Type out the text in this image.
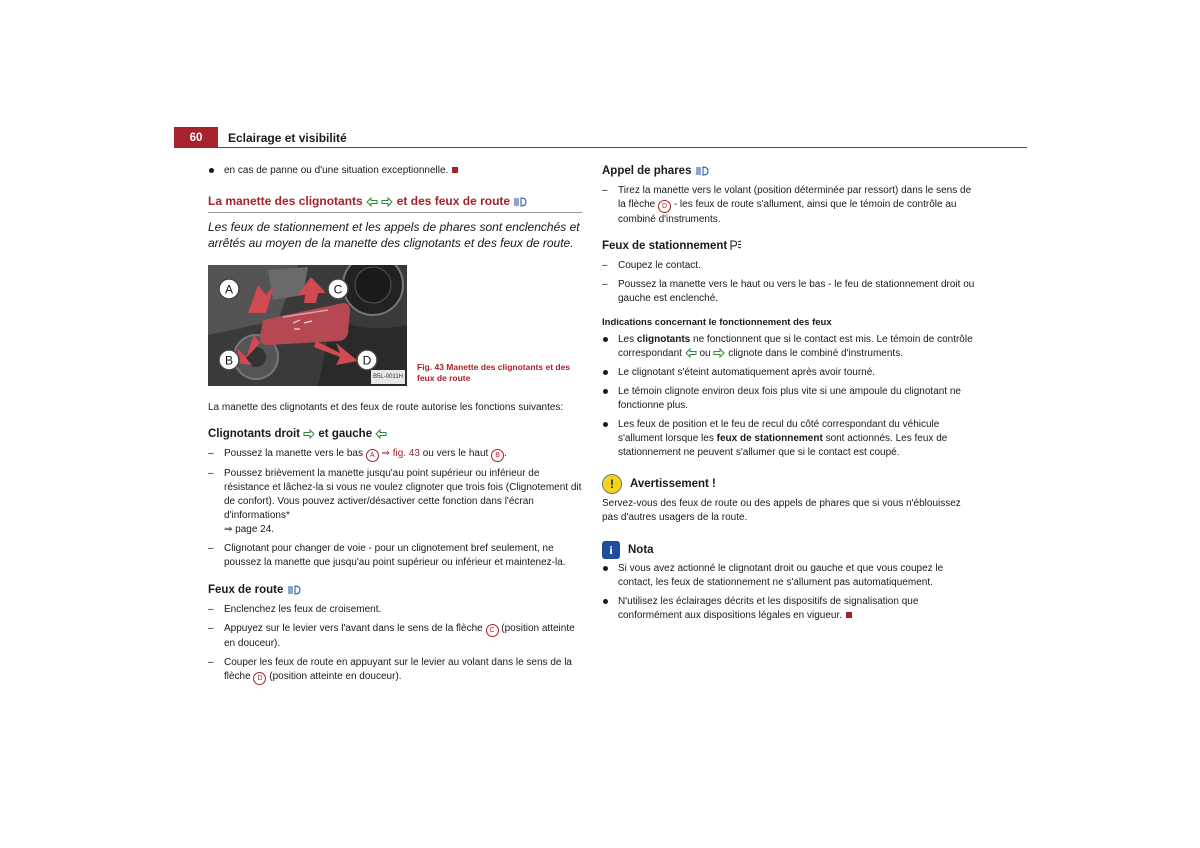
60	Eclairage et visibilité
en cas de panne ou d'une situation exceptionnelle.
La manette des clignotants
	et des feux de route
Les feux de stationnement et les appels de phares sont enclenchés et arrêtés au moyen de la manette des clignotants et des feux de route.
A	C
B	D
B5L-0011H
Fig. 43 Manette des clignotants et des feux de route

La manette des clignotants et des feux de route autorise les fonctions suivantes:

Clignotants droit et gauche
– Poussez la manette vers le bas A ⇒ fig. 43 ou vers le haut B .
– Poussez brièvement la manette jusqu'au point supérieur ou inférieur de résistance et lâchez-la si vous ne voulez clignoter que trois fois (Clignotement dit de confort). Vous pouvez activer/désactiver cette fonction dans l'écran d'informations*
⇒ page 24.
– Clignotant pour changer de voie - pour un clignotement bref seulement, ne poussez la manette que jusqu'au point supérieur ou inférieur et maintenez-la.
Feux de route
– Enclenchez les feux de croisement.
– Appuyez sur le levier vers l'avant dans le sens de la flèche C (position atteinte en douceur).
– Couper les feux de route en appuyant sur le levier au volant dans le sens de la flèche D (position atteinte en douceur).
Appel de phares
– Tirez la manette vers le volant (position déterminée par ressort) dans le sens de la flèche D - les feux de route s'allument, ainsi que le témoin de contrôle au combiné d'instruments.
Feux de stationnement
– Coupez le contact.
– Poussez la manette vers le haut ou vers le bas - le feu de stationnement droit ou gauche est enclenché.
Indications concernant le fonctionnement des feux
Les clignotants ne fonctionnent que si le contact est mis. Le témoin de contrôle correspondant ou clignote dans le combiné d'instruments.
Le clignotant s'éteint automatiquement après avoir tourné.
Le témoin clignote environ deux fois plus vite si une ampoule du clignotant ne fonctionne plus.
Les feux de position et le feu de recul du côté correspondant du véhicule s'allument lorsque les feux de stationnement sont actionnés. Les feux de stationnement ne peuvent s'allumer que si le contact est coupé.
!	Avertissement !

Servez-vous des feux de route ou des appels de phares que si vous n'éblouissez pas d'autres usagers de la route.

i	Nota
Si vous avez actionné le clignotant droit ou gauche et que vous coupez le contact, les feux de stationnement ne s'allument pas automatiquement.
N'utilisez les éclairages décrits et les dispositifs de signalisation que conformément aux dispositions légales en vigueur.
